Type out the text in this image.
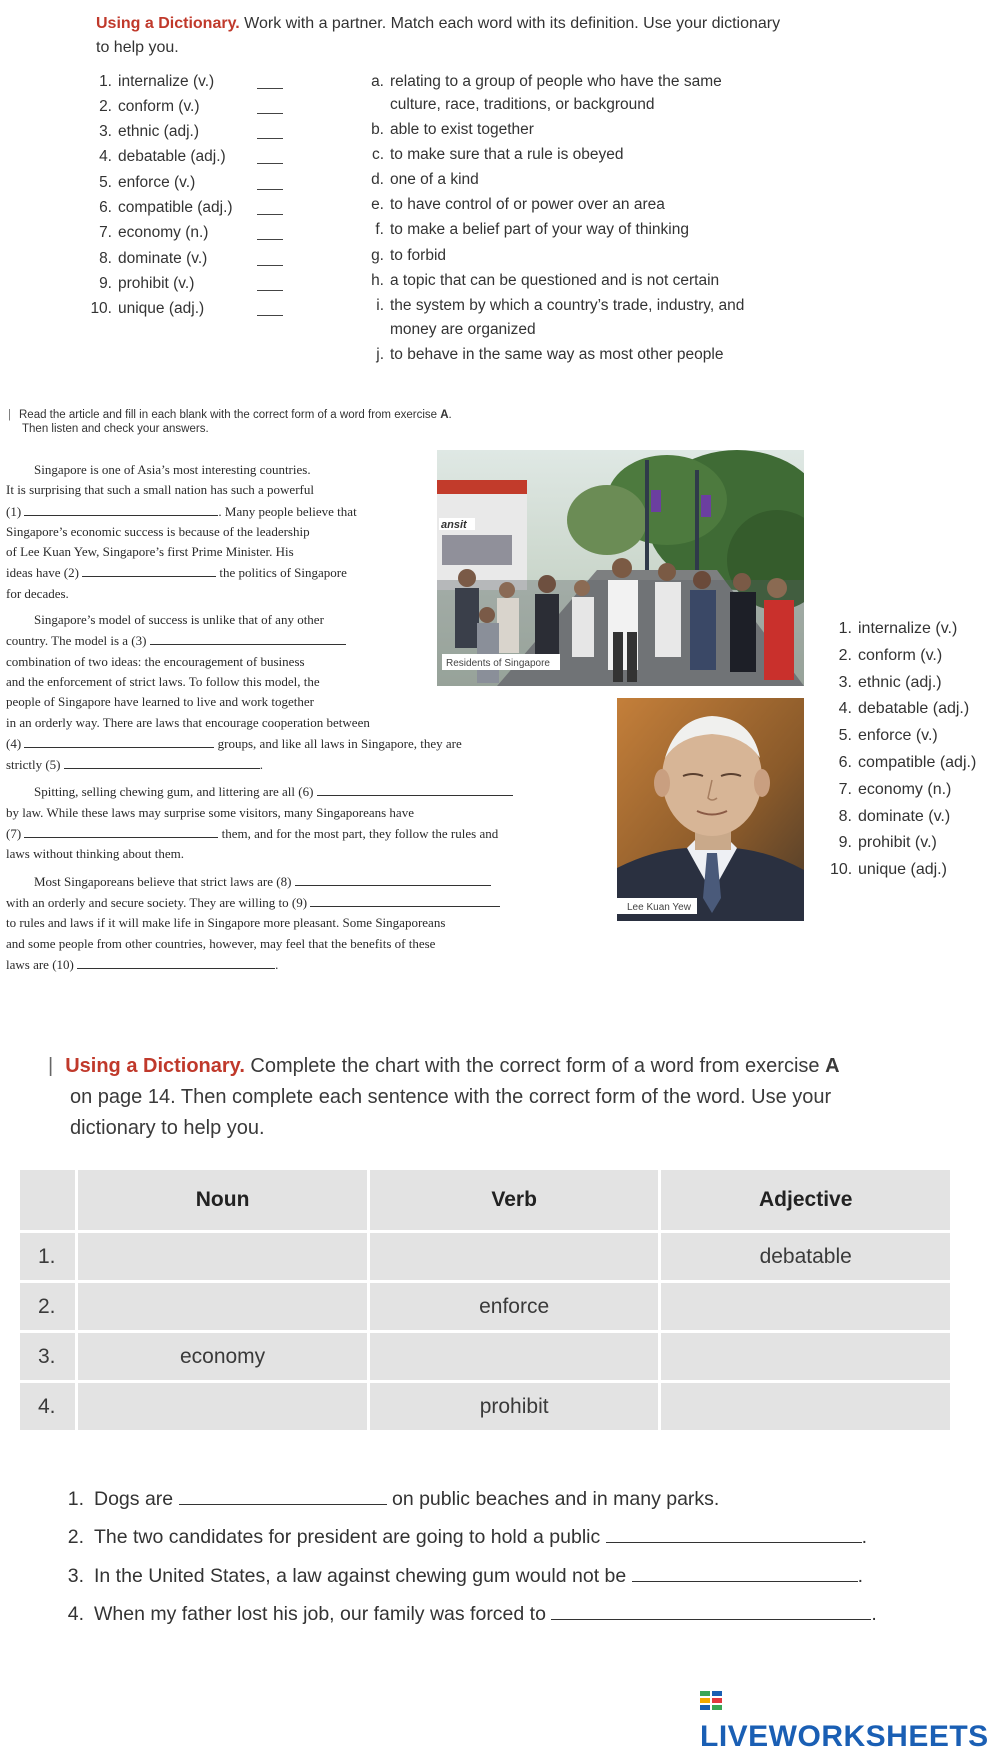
Using a Dictionary. Work with a partner. Match each word with its definition. Use your dictionary to help you.
1. internalize (v.)
2. conform (v.)
3. ethnic (adj.)
4. debatable (adj.)
5. enforce (v.)
6. compatible (adj.)
7. economy (n.)
8. dominate (v.)
9. prohibit (v.)
10. unique (adj.)
a. relating to a group of people who have the same
culture, race, traditions, or background
b. able to exist together
c. to make sure that a rule is obeyed
d. one of a kind
e. to have control of or power over an area
f. to make a belief part of your way of thinking
g. to forbid
h. a topic that can be questioned and is not certain
i. the system by which a country’s trade, industry, and
money are organized
j. to behave in the same way as most other people
| Read the article and fill in each blank with the correct form of a word from exercise A.
Then listen and check your answers.
ansit
Residents of Singapore
Lee Kuan Yew

Singapore is one of Asia’s most interesting countries.

It is surprising that such a small nation has such a powerful

(1)	. Many people believe that

Singapore’s economic success is because of the leadership

of Lee Kuan Yew, Singapore’s first Prime Minister. His

ideas have (2)	the politics of Singapore

for decades.

Singapore’s model of success is unlike that of any other

country. The model is a (3)

combination of two ideas: the encouragement of business

and the enforcement of strict laws. To follow this model, the

people of Singapore have learned to live and work together

in an orderly way. There are laws that encourage cooperation between

(4)	groups, and like all laws in Singapore, they are

strictly (5)	.

Spitting, selling chewing gum, and littering are all (6)

by law. While these laws may surprise some visitors, many Singaporeans have

(7)	them, and for the most part, they follow the rules and

laws without thinking about them.

Most Singaporeans believe that strict laws are (8)

with an orderly and secure society. They are willing to (9)

to rules and laws if it will make life in Singapore more pleasant. Some Singaporeans

and some people from other countries, however, may feel that the benefits of these

laws are (10)	.

1. internalize (v.)
2. conform (v.)
3. ethnic (adj.)
4. debatable (adj.)
5. enforce (v.)
6. compatible (adj.)
7. economy (n.)
8. dominate (v.)
9. prohibit (v.)
10. unique (adj.)
| Using a Dictionary. Complete the chart with the correct form of a word from exercise A
on page 14. Then complete each sentence with the correct form of the word. Use your
dictionary to help you.
	Noun	Verb	Adjective
1.			debatable
2.		enforce	
3.	economy		
4.		prohibit	
1. Dogs are	on public beaches and in many parks.
2. The two candidates for president are going to hold a public	.
3. In the United States, a law against chewing gum would not be	.
4. When my father lost his job, our family was forced to	.
LIVEWORKSHEETS
